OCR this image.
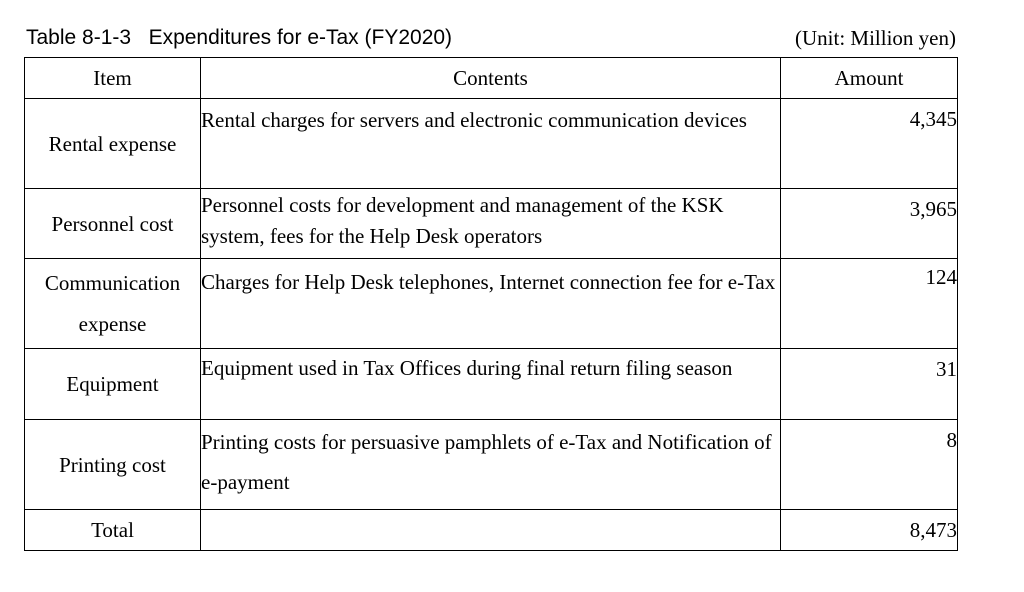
Table 8-1-3   Expenditures for e-Tax (FY2020)	(Unit: Million yen)
Item	Contents	Amount
Rental expense	Rental charges for servers and electronic communication devices	4,345
Personnel cost	Personnel costs for development and management of the KSK system, fees for the Help Desk operators	3,965
Communication expense	Charges for Help Desk telephones, Internet connection fee for e-Tax	124
Equipment	Equipment used in Tax Offices during final return filing season	31
Printing cost	Printing costs for persuasive pamphlets of e-Tax and Notification of e-payment	8
Total		8,473
